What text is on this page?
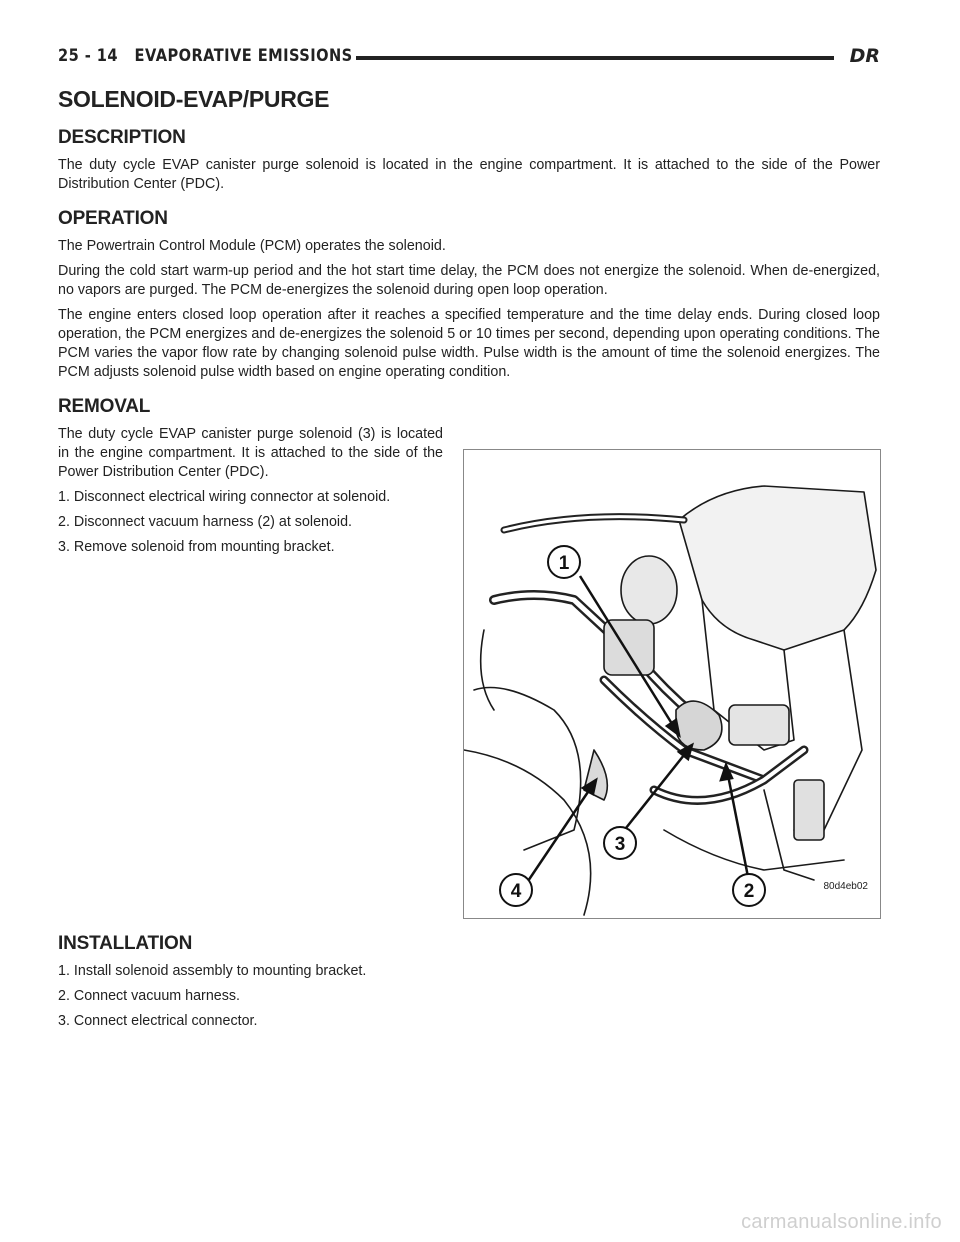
25 - 14 EVAPORATIVE EMISSIONS	DR
SOLENOID-EVAP/PURGE
DESCRIPTION

The duty cycle EVAP canister purge solenoid is located in the engine compartment. It is attached to the side of the Power Distribution Center (PDC).

OPERATION

The Powertrain Control Module (PCM) operates the solenoid.

During the cold start warm-up period and the hot start time delay, the PCM does not energize the solenoid. When de-energized, no vapors are purged. The PCM de-energizes the solenoid during open loop operation.

The engine enters closed loop operation after it reaches a specified temperature and the time delay ends. During closed loop operation, the PCM energizes and de-energizes the solenoid 5 or 10 times per second, depending upon operating conditions. The PCM varies the vapor flow rate by changing solenoid pulse width. Pulse width is the amount of time the solenoid energizes. The PCM adjusts solenoid pulse width based on engine operating condition.

REMOVAL
1
3
2
4	80d4eb02

The duty cycle EVAP canister purge solenoid (3) is located in the engine compartment. It is attached to the side of the Power Distribution Center (PDC).

1. Disconnect electrical wiring connector at solenoid.

2. Disconnect vacuum harness (2) at solenoid.

3. Remove solenoid from mounting bracket.

INSTALLATION

1. Install solenoid assembly to mounting bracket.

2. Connect vacuum harness.

3. Connect electrical connector.

carmanualsonline.info
